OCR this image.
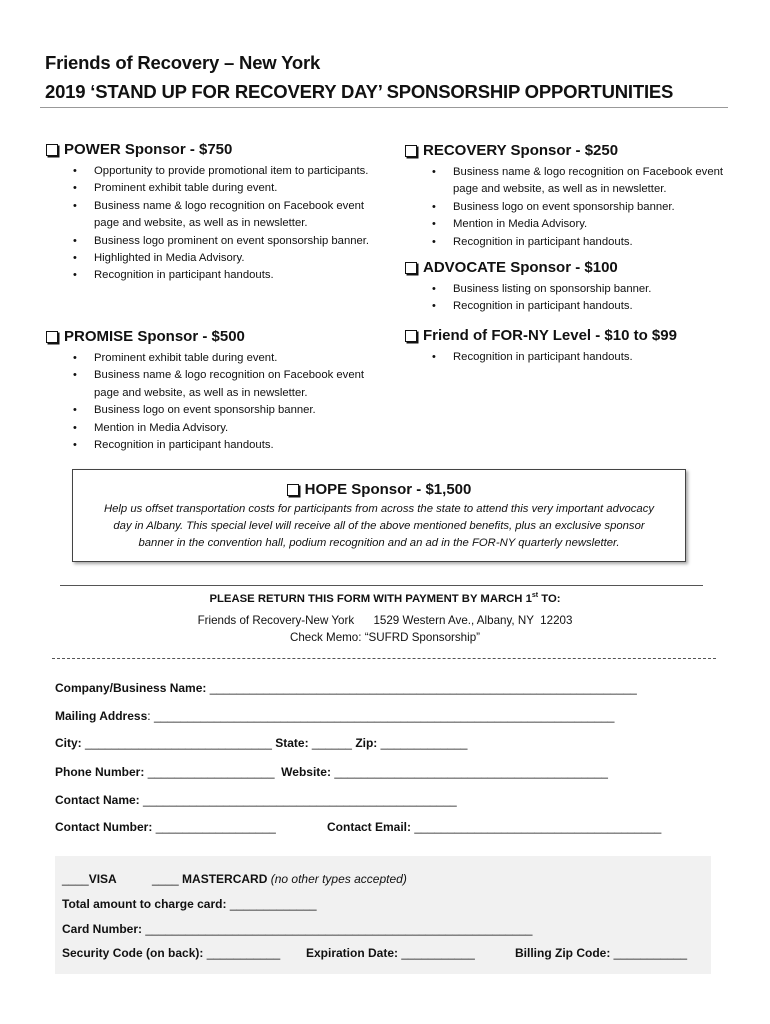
Friends of Recovery – New York
2019 ‘STAND UP FOR RECOVERY DAY’ SPONSORSHIP OPPORTUNITIES
POWER Sponsor - $750
• Opportunity to provide promotional item to participants.
• Prominent exhibit table during event.
• Business name & logo recognition on Facebook event page and website, as well as in newsletter.
• Business logo prominent on event sponsorship banner.
• Highlighted in Media Advisory.
• Recognition in participant handouts.
PROMISE Sponsor - $500
• Prominent exhibit table during event.
• Business name & logo recognition on Facebook event page and website, as well as in newsletter.
• Business logo on event sponsorship banner.
• Mention in Media Advisory.
• Recognition in participant handouts.
RECOVERY Sponsor - $250
• Business name & logo recognition on Facebook event page and website, as well as in newsletter.
• Business logo on event sponsorship banner.
• Mention in Media Advisory.
• Recognition in participant handouts.
ADVOCATE Sponsor - $100
• Business listing on sponsorship banner.
• Recognition in participant handouts.
Friend of FOR-NY Level - $10 to $99
• Recognition in participant handouts.
HOPE Sponsor - $1,500
Help us offset transportation costs for participants from across the state to attend this very important advocacy day in Albany. This special level will receive all of the above mentioned benefits, plus an exclusive sponsor banner in the convention hall, podium recognition and an ad in the FOR-NY quarterly newsletter.
PLEASE RETURN THIS FORM WITH PAYMENT BY MARCH 1st TO:
Friends of Recovery-New York      1529 Western Ave., Albany, NY  12203
Check Memo: “SUFRD Sponsorship”
Company/Business Name: ________________________________________________________________
Mailing Address: _____________________________________________________________________
City: ____________________________ State: ______ Zip: _____________
Phone Number: ___________________ Website: _________________________________________
Contact Name: _______________________________________________
Contact Number: __________________	Contact Email: _____________________________________
____VISA	____ MASTERCARD (no other types accepted)
Total amount to charge card: _____________
Card Number: __________________________________________________________
Security Code (on back): ___________ Expiration Date: ___________	Billing Zip Code: ___________
